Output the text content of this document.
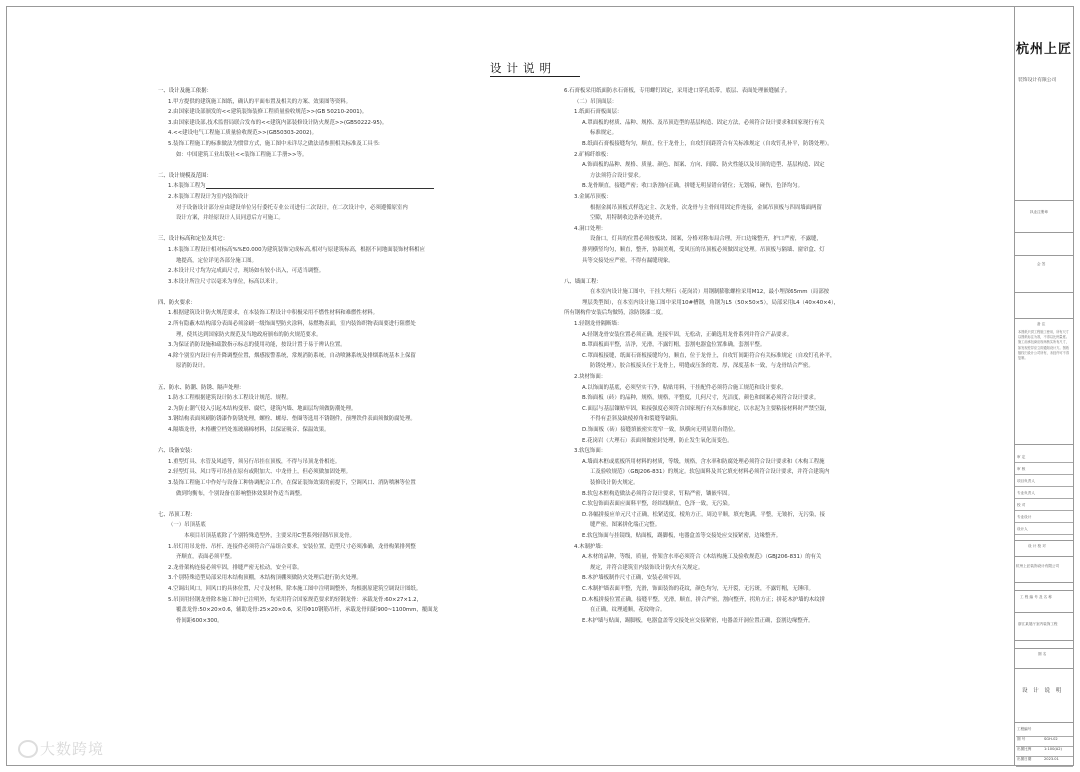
设计说明
一、设计及施工依据：
1.甲方提供的建筑施工图纸，确认的平面布置及相关的方案、效果图等资料。
2.由国家建设部颁发的<<建筑装饰装修工程质量验收规范>>(GB 50210-2001)。
3.由国家建设部,技术监督局联合发布的<<建筑内部装修设计防火规范>>(GB50222-95)。
4.<<建设电气工程施工质量验收规范>>(GB50303-2002)。
5.装饰工程施工的标准做法为惯常方式，施工图中未详尽之做法请参照相关标准及工具书:
如：中国建筑工业出版社<<装饰工程施工手册>>等。
二、设计规模及范围：
1.本装饰工程为
2.本装饰工程设计为室内装饰设计
对于设备设计部分应由建设单位另行委托专业公司进行二次设计，在二次设计中，必须遵循原室内
设计方案，并经原设计人员同意后方可施工。
三、设计标高和定位及其它：
1.本装饰工程设计相对标高%%E0.000为建筑装饰完成标高,相对与原建筑标高，根据不同地面装饰材料相应
地提高，定位详见各部分施工图。
2.本设计尺寸均为完成面尺寸，现场如有较小出入，可适当调整。
3.本设计所注尺寸以毫米为单位，标高以米计。
四、防火要求：
1.根据建筑设计防火规范要求，在本装饰工程设计中积极采用不燃性材料和难燃性材料。
2.所有隐蔽木结构部分表面必须涂刷一级饰面型防火涂料，易燃物表面，室内装饰织物表面要进行阻燃处
理，使其达到国家防火规范及当地政府颁布的防火规范要求。
3.为保证消防设施和疏散指示标志的使用功能，按设计置于易于辨认位置。
4.除个别室内设计有升降调整位置，烟感报警系统，常规消防系统，自动喷淋系统及排烟系统基本上保留
原消防设计。
五、防水、防潮、防锈、隔声处理：
1.防水工程根据建筑设计防水工程设计规范、规程。
2.为防止潮气侵入引起木结构变形、腐烂，建筑内墙、地面层均须做防潮处理。
3.钢结构表面须刷防锈漆作防锈处理，螺栓、螺母、垫圈等选用不锈钢件，预埋铁件表面须做防腐处理。
4.隔墙龙骨，木格栅空档处塞玻璃棉材料，以保证吸音、保温效果。
六、设备安装：
1.重型灯具、水管及风道等，须另行吊挂在顶板，不得与吊顶龙骨相连。
2.轻型灯具、风口等可吊挂在原有或附加大、中龙骨上，但必须做加固处理。
3.装饰工程施工中作好与设备工种协调配合工作，在保证装饰效果的前提下，空调风口、消防喷淋等位置
做到均衡布，个别设备在影响整体效果时作适当调整。
七、吊顶工程：
（一）吊顶基底
本项目吊顶基底除了个别特殊造型外，主要采用C型系列轻钢吊顶龙骨。
1.吊灯用吊龙骨、吊杆、连接件必须符合产品组合要求，安装位置，造型尺寸必须准确，龙骨构架排列整
齐顺直，表面必须平整。
2.龙骨架构连接必须牢固，排缝严密无松动，安全可靠。
3.个别特殊造型局部采用木结构顶棚，木结构顶棚须做防火处理后进行防火处理。
4.空调出风口，回风口的具体位置，尺寸及材料，除本施工图中注明调整外，均根据原建筑空调设计图纸。
5.吊顶用轻钢龙骨除本施工图中已注明外，均采用符合国家规范要求的轻钢龙骨：承载龙骨:60×27×1.2，
覆盖龙骨:50×20×0.6，辅助龙骨:25×20×0.6，采用Φ10钢筋吊杆，承载龙骨间距900~1100mm，覆面龙
骨间距600×300。
6.石膏板采用纸面防水石膏板，专用螺钉固定，采用进口穿孔纸带，底层、表面处理嵌缝腻子。
（二）吊顶面层：
1.纸面石膏板面层：
A.罩面板的材质、品种、规格、及吊顶造型的基层构造、固定方法，必须符合设计要求和国家现行有关
标准规定。
B.纸面石膏板接缝均匀，顺直，位于龙骨上，自攻钉间距符合有关标准规定（自攻钉孔补平，防锈处理）。
2.矿棉纤维板：
A.饰面板的品种、规格、质量、颜色、图案、方向、间隙、防火性能以及吊顶的造型、基层构造、固定
方法须符合设计要求。
B.龙骨顺直，接缝严密；收口条割向正确，拼缝无明显错台错位；无划痕，碰伤，色泽均匀。
3.金属吊顶板：
根据金属吊顶板式样选定主、次龙骨，次龙骨与主骨间用固定件连接，金属吊顶板与四周墙面两留
空隙，用特制收边条补边拢齐。
4.洞口处理：
设备口，灯具的位置必须按板块、图案，分格对称布局合理，开口边缘整齐，护口严密，不露缝，
排列横竖均匀，顺直，整齐，协调美观，受风压的吊顶板必须做固定处理。吊顶板与隔墙、窗帘盒、灯
具等交接处应严密，不得有漏缝现象。
八、墙面工程：
在本室内设计施工图中，干挂大理石（花岗岩）用钢制膨胀螺栓采用M12，最小埋深65mm（局部按
埋层类型图），在本室内设计施工图中采用10#槽钢，角钢为L5（50×50×5），局部采用L4（40×40×4），
所有钢构件安装后均做铸，涂防锈漆二度。
1.轻钢龙骨隔断墙：
A.轻钢龙骨安装位置必须正确，连接牢固，无松动，正确选用龙骨系列并符合产品要求。
B.罩面板面平整，洁净，光滑，不露钉帽，套割电器盒位置准确，套割平整。
C.罩面板接缝，纸面石膏板接缝均匀，顺直，位于龙骨上，自攻钉间距符合有关标准规定（自攻钉孔补平，
防锈处理），胶合板接头位于龙骨上，明缝或压条的宽、厚，深度基本一致，与龙骨结合严密。
2.块材饰面：
A.以饰面的基底，必须坚实干净，粘贴用料，干挂配件必须符合施工规范和设计要求。
B.饰面板（砖）的品种，规格，规格，平整度，几何尺寸，光洁度，颜色和图案必须符合设计要求。
C.面层与基层镶贴牢固，粘接强度必须符合国家现行有关标准规定，以水泥为主要粘接材料时严禁空鼓，
不得有歪斜及缺棱掉角和裂缝等缺陷。
D.饰面板（砖）接缝填嵌密实宽窄一致，纵横向无明显错台错位。
E.花岗岩（大理石）表面须做密封处理，防止发生氧化而变色。
3.软包饰面：
A.墙面木框或底板所用材料的材质，等级，规格，含水率和防腐处理必须符合设计要求和《木构工程施
工及验收规范》（GBJ206-831）的规定。软包面料及其它填充材料必须符合设计要求，并符合建筑内
装修设计防火规定。
B.软包木框构造做法必须符合设计要求，钉粘严密，镶嵌牢固。
C.软包饰面表面应面料平整，经纬线顺直，色泽一致，无污染。
D.各幅拼接应单元尺寸正确，松紧适度，棱角方正，周边平顺，填充饱满，平整，无皱折，无污染，接
缝严密，图案拼化端正完整。
E.软包饰面与挂镜线，贴面板，踢脚板，电器盒盖等交接处应交接紧密，边缘整齐。
4.木制护墙：
A.木材的品种，等级，质量，骨架含水率必须符合《木结构施工及验收规范》（GBJ206-831）的有关
规定，并符合建筑室内装饰设计防火有关规定。
B.木护墙板制作尺寸正确，安装必须牢固。
C.木制护墙表面平整，光滑，饰面装饰的花纹，颜色均匀，无开裂，无污斑，不露钉帽，无锤印。
D.木板拼接位置正确，接缝平整，光滑，顺直，拼合严密，割向整齐，拐角方正；拼花木护墙的木纹拼
在正确，纹理通顺，花纹吻合。
E.木护墙与贴面，踢脚板，电器盒盖等交接处应交接紧密，电器盖开洞位置正确，套割边缘整齐。
杭州上匠
装饰设计有限公司
执业注册章
会 签
备 注
本图纸只供工程施工使用，所有尺寸以图纸标注为准，不得以比例量度。施工前承包商应现场核实所有尺寸，如发现差异应立即通知设计方。图纸版权归设计公司所有，未经许可不得复制。
审 定
审 核
项目负责人
专业负责人
校 对
专业设计
设计人
设 计 校 对
杭州上匠装饰设计有限公司
工 程 编 号 及 名 称
浙江某展厅室内装饰工程
图 名
设 计 说 明
工程编号
图 号	SGH-02
出图比例	1:100(A2)
出图日期	2023.01
大数跨境
